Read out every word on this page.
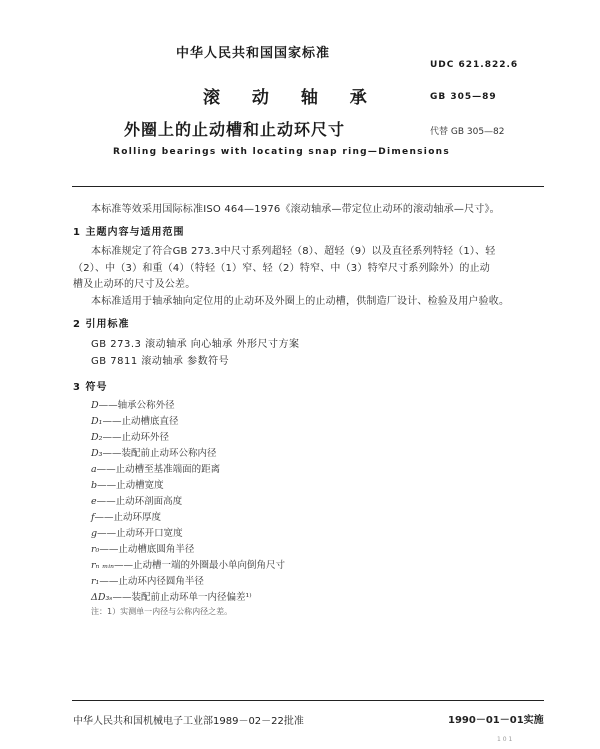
中华人民共和国国家标准
UDC 621.822.6
滚 动 轴 承	GB 305—89
外圈上的止动槽和止动环尺寸	代替 GB 305—82
Rolling bearings with locating snap ring—Dimensions
本标准等效采用国际标准ISO 464—1976《滚动轴承—带定位止动环的滚动轴承—尺寸》。
1 主题内容与适用范围
本标准规定了符合GB 273.3中尺寸系列超轻（8）、超轻（9）以及直径系列特轻（1）、轻
（2）、中（3）和重（4）（特轻（1）窄、轻（2）特窄、中（3）特窄尺寸系列除外）的止动
槽及止动环的尺寸及公差。
本标准适用于轴承轴向定位用的止动环及外圈上的止动槽，供制造厂设计、检验及用户验收。
2 引用标准
GB 273.3 滚动轴承 向心轴承 外形尺寸方案
GB 7811 滚动轴承 参数符号
3 符号
D——轴承公称外径
D₁——止动槽底直径
D₂——止动环外径
D₃——装配前止动环公称内径
a——止动槽至基准端面的距离
b——止动槽宽度
e——止动环剖面高度
f——止动环厚度
g——止动环开口宽度
r₀——止动槽底圆角半径
rₙ ₘᵢₙ——止动槽一端的外圈最小单向倒角尺寸
r₁——止动环内径圆角半径
ΔD₃ₛ——装配前止动环单一内径偏差¹⁾
注：1）实测单一内径与公称内径之差。
中华人民共和国机械电子工业部1989－02－22批准	1990－01－01实施
1 0 1
